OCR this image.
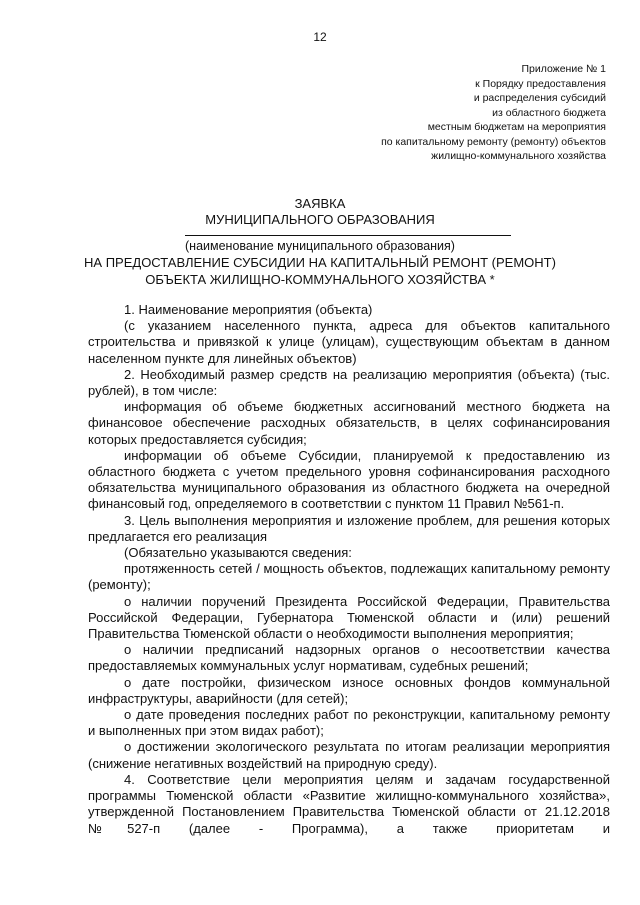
12
Приложение № 1
к Порядку предоставления
и распределения субсидий
из областного бюджета
местным бюджетам на мероприятия
по капитальному ремонту (ремонту) объектов
жилищно-коммунального хозяйства
ЗАЯВКА
МУНИЦИПАЛЬНОГО ОБРАЗОВАНИЯ
(наименование муниципального образования)
НА ПРЕДОСТАВЛЕНИЕ СУБСИДИИ НА КАПИТАЛЬНЫЙ РЕМОНТ (РЕМОНТ)
ОБЪЕКТА ЖИЛИЩНО-КОММУНАЛЬНОГО ХОЗЯЙСТВА *

1. Наименование мероприятия (объекта)

(с указанием населенного пункта, адреса для объектов капитального строительства и привязкой к улице (улицам), существующим объектам в данном населенном пункте для линейных объектов)

2. Необходимый размер средств на реализацию мероприятия (объекта) (тыс. рублей), в том числе:

информация об объеме бюджетных ассигнований местного бюджета на финансовое обеспечение расходных обязательств, в целях софинансирования которых предоставляется субсидия;

информации об объеме Субсидии, планируемой к предоставлению из областного бюджета с учетом предельного уровня софинансирования расходного обязательства муниципального образования из областного бюджета на очередной финансовый год, определяемого в соответствии с пунктом 11 Правил №561-п.

3. Цель выполнения мероприятия и изложение проблем, для решения которых предлагается его реализация

(Обязательно указываются сведения:

протяженность сетей / мощность объектов, подлежащих капитальному ремонту (ремонту);

о наличии поручений Президента Российской Федерации, Правительства Российской Федерации, Губернатора Тюменской области и (или) решений Правительства Тюменской области о необходимости выполнения мероприятия;

о наличии предписаний надзорных органов о несоответствии качества предоставляемых коммунальных услуг нормативам, судебных решений;

о дате постройки, физическом износе основных фондов коммунальной инфраструктуры, аварийности (для сетей);

о дате проведения последних работ по реконструкции, капитальному ремонту и выполненных при этом видах работ);

о достижении экологического результата по итогам реализации мероприятия (снижение негативных воздействий на природную среду).

4. Соответствие цели мероприятия целям и задачам государственной программы Тюменской области «Развитие жилищно-коммунального хозяйства», утвержденной Постановлением Правительства Тюменской области от 21.12.2018 №527-п (далее - Программа), а также приоритетам и
